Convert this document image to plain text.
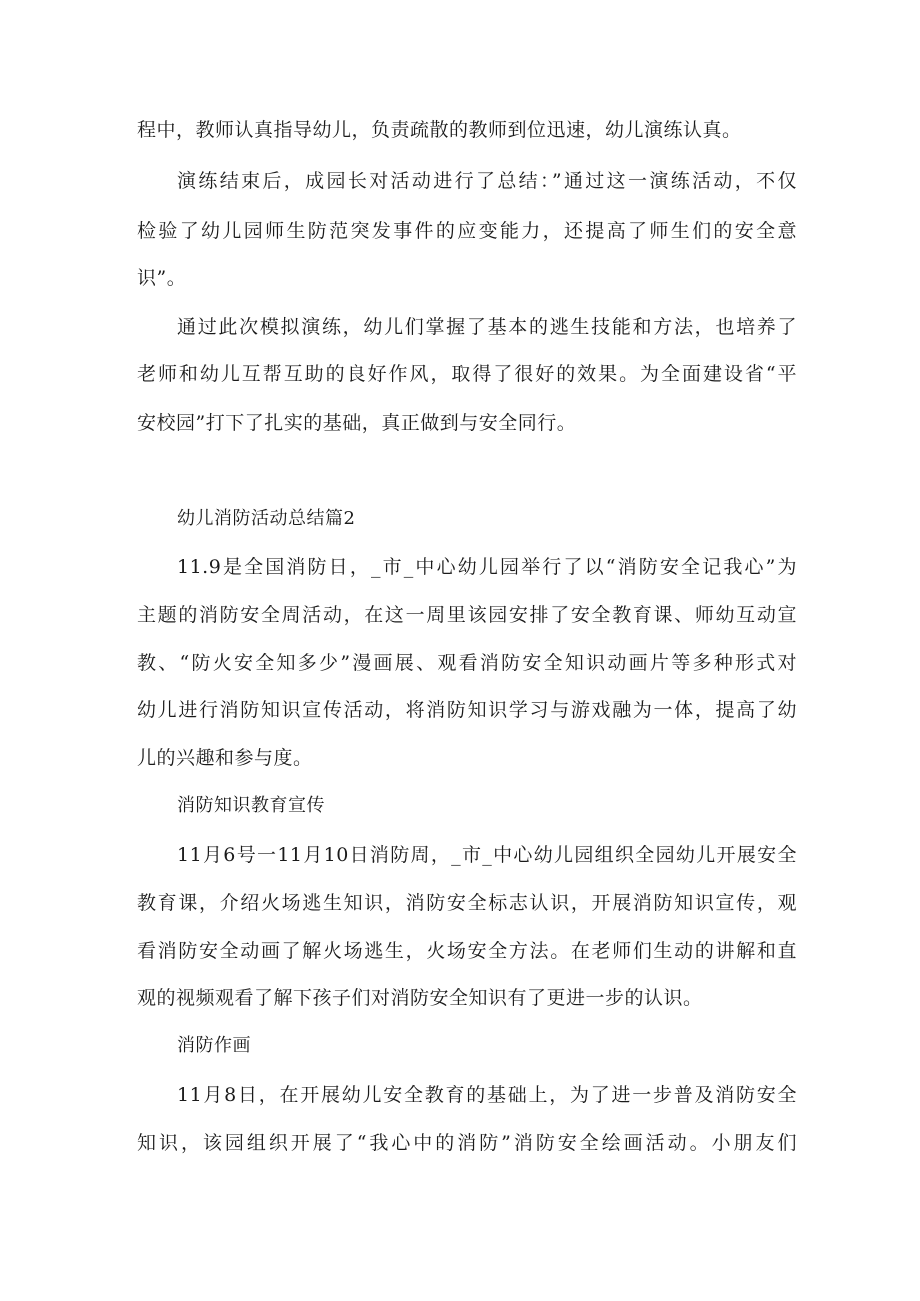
程中，教师认真指导幼儿，负责疏散的教师到位迅速，幼儿演练认真。
演练结束后，成园长对活动进行了总结：”通过这一演练活动，不仅
检验了幼儿园师生防范突发事件的应变能力，还提高了师生们的安全意
识”。
通过此次模拟演练，幼儿们掌握了基本的逃生技能和方法，也培养了
老师和幼儿互帮互助的良好作风，取得了很好的效果。为全面建设省“平
安校园”打下了扎实的基础，真正做到与安全同行。
幼儿消防活动总结篇2
11.9是全国消防日，_市_中心幼儿园举行了以“消防安全记我心”为
主题的消防安全周活动，在这一周里该园安排了安全教育课、师幼互动宣
教、“防火安全知多少”漫画展、观看消防安全知识动画片等多种形式对
幼儿进行消防知识宣传活动，将消防知识学习与游戏融为一体，提高了幼
儿的兴趣和参与度。
消防知识教育宣传
11月6号一11月10日消防周，_市_中心幼儿园组织全园幼儿开展安全
教育课，介绍火场逃生知识，消防安全标志认识，开展消防知识宣传，观
看消防安全动画了解火场逃生，火场安全方法。在老师们生动的讲解和直
观的视频观看了解下孩子们对消防安全知识有了更进一步的认识。
消防作画
11月8日，在开展幼儿安全教育的基础上，为了进一步普及消防安全
知识，该园组织开展了“我心中的消防”消防安全绘画活动。小朋友们
